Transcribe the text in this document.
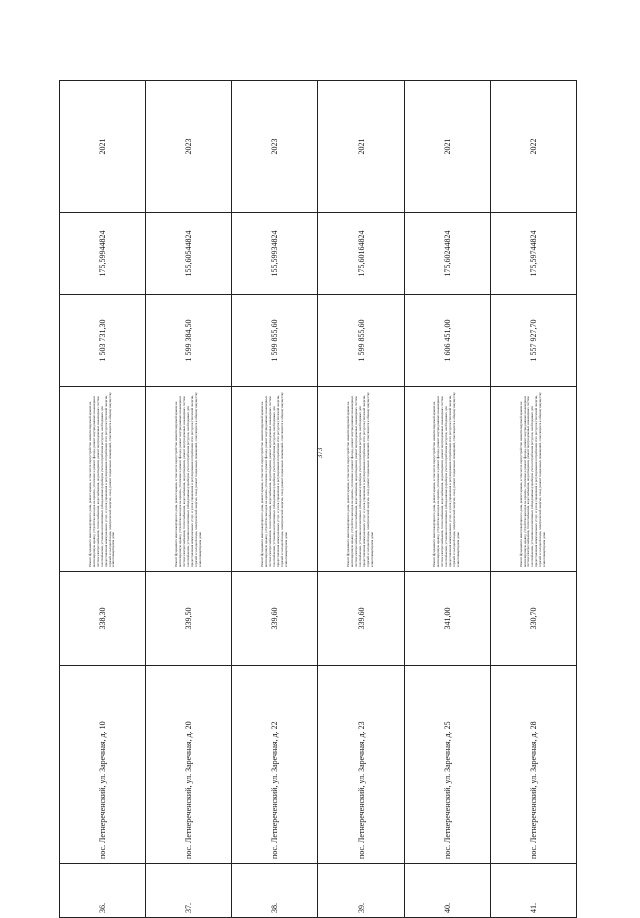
373
36.	пос. Летнереченский, ул. Заречная, д. 10	338,30	Ремонт фундамента многоквартирного дома, ремонт крыши, в том числе переустройство невентилируемой крыши на вентилируемую крышу, устройство выходов на кровлю, утепление и ремонт фасада, ремонт внутридомовых инженерных систем электроснабжения, теплоснабжения, водоснабжения, водоотведения, ремонт внутридомовых инженерных систем газоснабжения, установка коллективных (общедомовых) приборов учета потребления ресурсов, необходимых для предоставления коммунальных услуг, и узлов управления и регулирования потребления этих ресурсов (тепловой энергии, горячей и холодной воды, электрической энергии, газа), ремонт подвальных помещений, относящихся к общему имуществу в многоквартирном доме	1 503 731,30	175,59944824	2021
37.	пос. Летнереченский, ул. Заречная, д. 20	339,50	Ремонт фундамента многоквартирного дома, ремонт крыши, в том числе переустройство невентилируемой крыши на вентилируемую крышу, устройство выходов на кровлю, утепление и ремонт фасада, ремонт внутридомовых инженерных систем электроснабжения, теплоснабжения, водоснабжения, водоотведения, ремонт внутридомовых инженерных систем газоснабжения, установка коллективных (общедомовых) приборов учета потребления ресурсов, необходимых для предоставления коммунальных услуг, и узлов управления и регулирования потребления этих ресурсов (тепловой энергии, горячей и холодной воды, электрической энергии, газа), ремонт подвальных помещений, относящихся к общему имуществу в многоквартирном доме	1 599 384,50	155,60544824	2023
38.	пос. Летнереченский, ул. Заречная, д. 22	339,60	Ремонт фундамента многоквартирного дома, ремонт крыши, в том числе переустройство невентилируемой крыши на вентилируемую крышу, устройство выходов на кровлю, утепление и ремонт фасада, ремонт внутридомовых инженерных систем электроснабжения, теплоснабжения, водоснабжения, водоотведения, ремонт внутридомовых инженерных систем газоснабжения, установка коллективных (общедомовых) приборов учета потребления ресурсов, необходимых для предоставления коммунальных услуг, и узлов управления и регулирования потребления этих ресурсов (тепловой энергии, горячей и холодной воды, электрической энергии, газа), ремонт подвальных помещений, относящихся к общему имуществу в многоквартирном доме	1 599 855,60	155,59934824	2023
39.	пос. Летнереченский, ул. Заречная, д. 23	339,60	Ремонт фундамента многоквартирного дома, ремонт крыши, в том числе переустройство невентилируемой крыши на вентилируемую крышу, устройство выходов на кровлю, утепление и ремонт фасада, ремонт внутридомовых инженерных систем электроснабжения, теплоснабжения, водоснабжения, водоотведения, ремонт внутридомовых инженерных систем газоснабжения, установка коллективных (общедомовых) приборов учета потребления ресурсов, необходимых для предоставления коммунальных услуг, и узлов управления и регулирования потребления этих ресурсов (тепловой энергии, горячей и холодной воды, электрической энергии, газа), ремонт подвальных помещений, относящихся к общему имуществу в многоквартирном доме	1 599 855,60	175,60164824	2021
40.	пос. Летнереченский, ул. Заречная, д. 25	341,00	Ремонт фундамента многоквартирного дома, ремонт крыши, в том числе переустройство невентилируемой крыши на вентилируемую крышу, устройство выходов на кровлю, утепление и ремонт фасада, ремонт внутридомовых инженерных систем электроснабжения, теплоснабжения, водоснабжения, водоотведения, ремонт внутридомовых инженерных систем газоснабжения, установка коллективных (общедомовых) приборов учета потребления ресурсов, необходимых для предоставления коммунальных услуг, и узлов управления и регулирования потребления этих ресурсов (тепловой энергии, горячей и холодной воды, электрической энергии, газа), ремонт подвальных помещений, относящихся к общему имуществу в многоквартирном доме	1 606 451,00	175,60244824	2021
41.	пос. Летнереченский, ул. Заречная, д. 28	330,70	Ремонт фундамента многоквартирного дома, ремонт крыши, в том числе переустройство невентилируемой крыши на вентилируемую крышу, устройство выходов на кровлю, утепление и ремонт фасада, ремонт внутридомовых инженерных систем электроснабжения, теплоснабжения, водоснабжения, водоотведения, ремонт внутридомовых инженерных систем газоснабжения, установка коллективных (общедомовых) приборов учета потребления ресурсов, необходимых для предоставления коммунальных услуг, и узлов управления и регулирования потребления этих ресурсов (тепловой энергии, горячей и холодной воды, электрической энергии, газа), ремонт подвальных помещений, относящихся к общему имуществу в многоквартирном доме	1 557 927,70	175,59744824	2022
